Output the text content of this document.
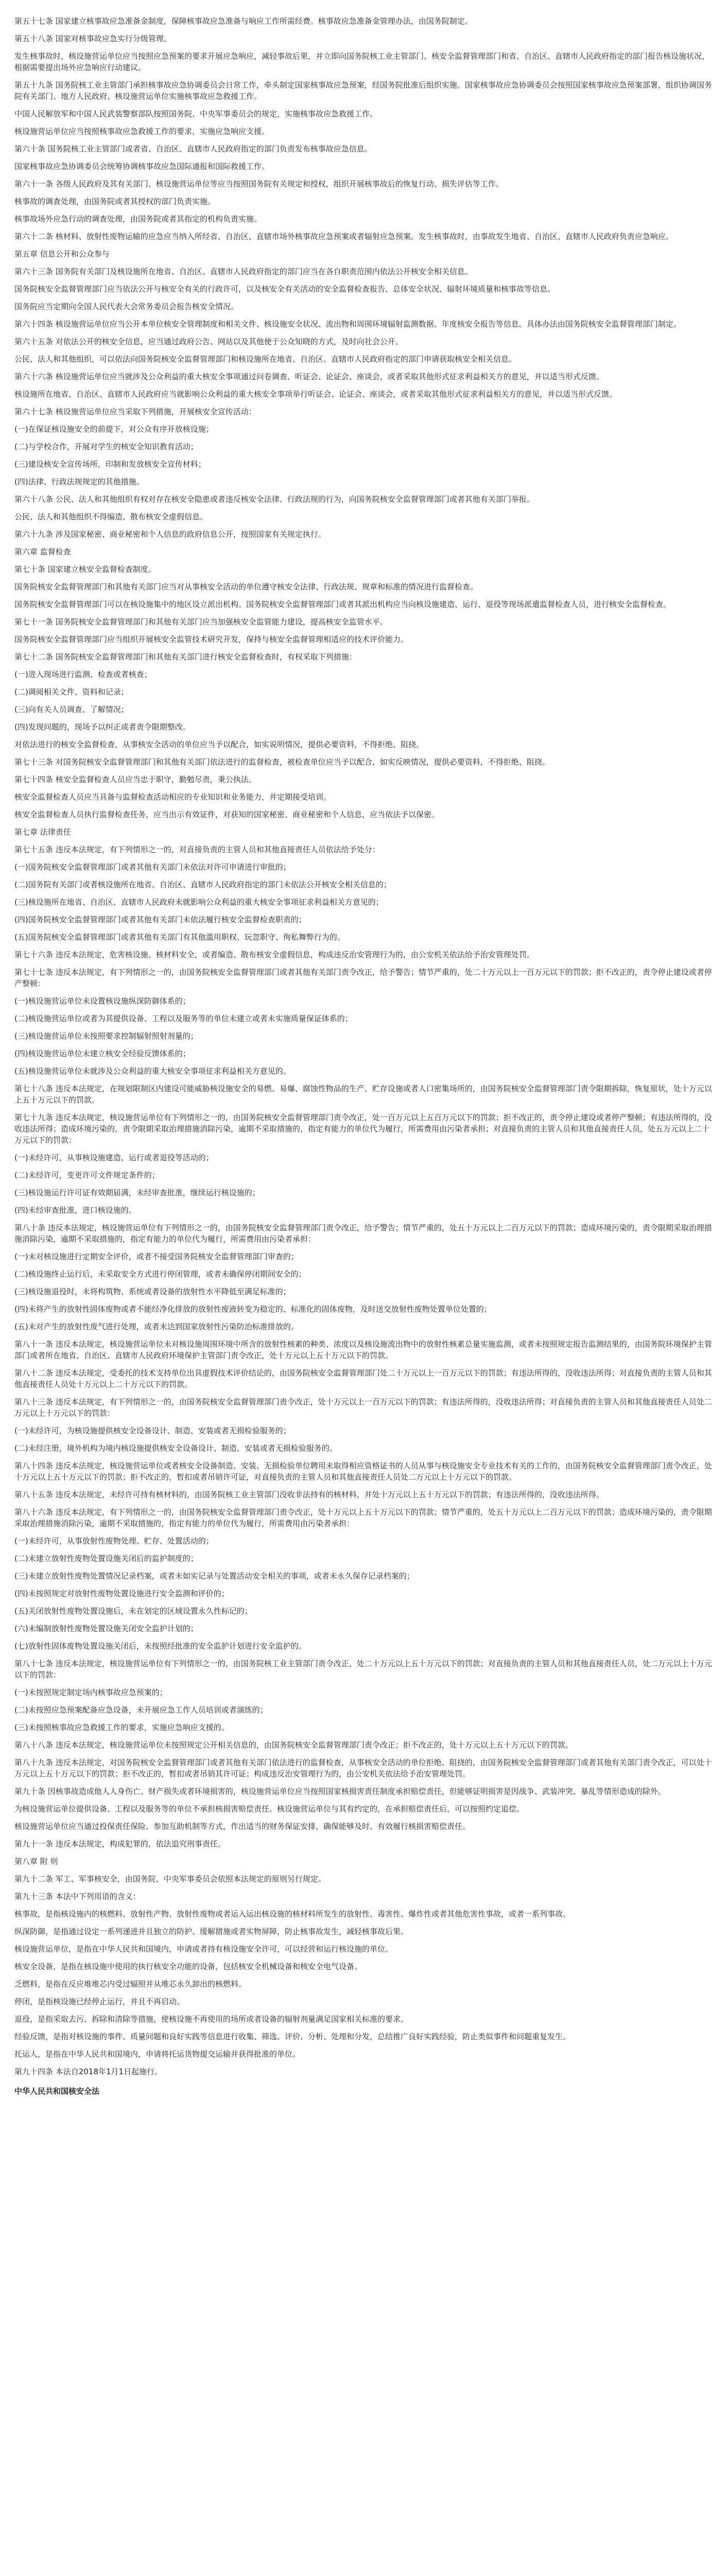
第五十七条 国家建立核事故应急准备金制度，保障核事故应急准备与响应工作所需经费。核事故应急准备金管理办法，由国务院制定。

第五十八条 国家对核事故应急实行分级管理。

发生核事故时，核设施营运单位应当按照应急预案的要求开展应急响应，减轻事故后果，并立即向国务院核工业主管部门、核安全监督管理部门和省、自治区、直辖市人民政府指定的部门报告核设施状况，根据需要提出场外应急响应行动建议。

第五十九条 国务院核工业主管部门承担核事故应急协调委员会日常工作，牵头制定国家核事故应急预案，经国务院批准后组织实施。国家核事故应急协调委员会按照国家核事故应急预案部署，组织协调国务院有关部门、地方人民政府、核设施营运单位实施核事故应急救援工作。

中国人民解放军和中国人民武装警察部队按照国务院、中央军事委员会的规定，实施核事故应急救援工作。

核设施营运单位应当按照核事故应急救援工作的要求，实施应急响应支援。

第六十条 国务院核工业主管部门或者省、自治区、直辖市人民政府指定的部门负责发布核事故应急信息。

国家核事故应急协调委员会统筹协调核事故应急国际通报和国际救援工作。

第六十一条 各级人民政府及其有关部门、核设施营运单位等应当按照国务院有关规定和授权，组织开展核事故后的恢复行动、损失评估等工作。

核事故的调查处理，由国务院或者其授权的部门负责实施。

核事故场外应急行动的调查处理，由国务院或者其指定的机构负责实施。

第六十二条 核材料、放射性废物运输的应急应当纳入所经省、自治区、直辖市场外核事故应急预案或者辐射应急预案。发生核事故时，由事故发生地省、自治区、直辖市人民政府负责应急响应。

第五章 信息公开和公众参与

第六十三条 国务院有关部门及核设施所在地省、自治区、直辖市人民政府指定的部门应当在各自职责范围内依法公开核安全相关信息。

国务院核安全监督管理部门应当依法公开与核安全有关的行政许可，以及核安全有关活动的安全监督检查报告、总体安全状况、辐射环境质量和核事故等信息。

国务院应当定期向全国人民代表大会常务委员会报告核安全情况。

第六十四条 核设施营运单位应当公开本单位核安全管理制度和相关文件、核设施安全状况、流出物和周围环境辐射监测数据、年度核安全报告等信息。具体办法由国务院核安全监督管理部门制定。

第六十五条 对依法公开的核安全信息，应当通过政府公告、网站以及其他便于公众知晓的方式，及时向社会公开。

公民、法人和其他组织，可以依法向国务院核安全监督管理部门和核设施所在地省、自治区、直辖市人民政府指定的部门申请获取核安全相关信息。

第六十六条 核设施营运单位应当就涉及公众利益的重大核安全事项通过问卷调查、听证会、论证会、座谈会，或者采取其他形式征求利益相关方的意见，并以适当形式反馈。

核设施所在地省、自治区、直辖市人民政府应当就影响公众利益的重大核安全事项举行听证会、论证会、座谈会，或者采取其他形式征求利益相关方的意见，并以适当形式反馈。

第六十七条 核设施营运单位应当采取下列措施，开展核安全宣传活动：

(一)在保证核设施安全的前提下，对公众有序开放核设施；

(二)与学校合作，开展对学生的核安全知识教育活动；

(三)建设核安全宣传场所，印制和发放核安全宣传材料；

(四)法律、行政法规规定的其他措施。

第六十八条 公民、法人和其他组织有权对存在核安全隐患或者违反核安全法律、行政法规的行为，向国务院核安全监督管理部门或者其他有关部门举报。

公民、法人和其他组织不得编造、散布核安全虚假信息。

第六十九条 涉及国家秘密、商业秘密和个人信息的政府信息公开，按照国家有关规定执行。

第六章 监督检查

第七十条 国家建立核安全监督检查制度。

国务院核安全监督管理部门和其他有关部门应当对从事核安全活动的单位遵守核安全法律、行政法规、规章和标准的情况进行监督检查。

国务院核安全监督管理部门可以在核设施集中的地区设立派出机构。国务院核安全监督管理部门或者其派出机构应当向核设施建造、运行、退役等现场派遣监督检查人员，进行核安全监督检查。

第七十一条 国务院核安全监督管理部门和其他有关部门应当加强核安全监管能力建设，提高核安全监管水平。

国务院核安全监督管理部门应当组织开展核安全监管技术研究开发，保持与核安全监督管理相适应的技术评价能力。

第七十二条 国务院核安全监督管理部门和其他有关部门进行核安全监督检查时，有权采取下列措施：

(一)进入现场进行监测、检查或者核查；

(二)调阅相关文件、资料和记录；

(三)向有关人员调查、了解情况；

(四)发现问题的，现场予以纠正或者责令限期整改。

对依法进行的核安全监督检查，从事核安全活动的单位应当予以配合，如实说明情况，提供必要资料，不得拒绝、阻挠。

第七十三条 对国务院核安全监督管理部门和其他有关部门依法进行的监督检查，被检查单位应当予以配合，如实反映情况，提供必要资料，不得拒绝、阻挠。

第七十四条 核安全监督检查人员应当忠于职守，勤勉尽责，秉公执法。

核安全监督检查人员应当具备与监督检查活动相应的专业知识和业务能力，并定期接受培训。

核安全监督检查人员执行监督检查任务，应当出示有效证件，对获知的国家秘密、商业秘密和个人信息，应当依法予以保密。

第七章 法律责任

第七十五条 违反本法规定，有下列情形之一的，对直接负责的主管人员和其他直接责任人员依法给予处分：

(一)国务院核安全监督管理部门或者其他有关部门未依法对许可申请进行审批的；

(二)国务院有关部门或者核设施所在地省、自治区、直辖市人民政府指定的部门未依法公开核安全相关信息的；

(三)核设施所在地省、自治区、直辖市人民政府未就影响公众利益的重大核安全事项征求利益相关方意见的；

(四)国务院核安全监督管理部门或者其他有关部门未依法履行核安全监督检查职责的；

(五)国务院核安全监督管理部门或者其他有关部门有其他滥用职权、玩忽职守、徇私舞弊行为的。

第七十六条 违反本法规定，危害核设施、核材料安全，或者编造、散布核安全虚假信息，构成违反治安管理行为的，由公安机关依法给予治安管理处罚。

第七十七条 违反本法规定，有下列情形之一的，由国务院核安全监督管理部门或者其他有关部门责令改正，给予警告；情节严重的，处二十万元以上一百万元以下的罚款；拒不改正的，责令停止建设或者停产整顿：

(一)核设施营运单位未设置核设施纵深防御体系的；

(二)核设施营运单位或者为其提供设备、工程以及服务等的单位未建立或者未实施质量保证体系的；

(三)核设施营运单位未按照要求控制辐射照射剂量的；

(四)核设施营运单位未建立核安全经验反馈体系的；

(五)核设施营运单位未就涉及公众利益的重大核安全事项征求利益相关方意见的。

第七十八条 违反本法规定，在规划限制区内建设可能威胁核设施安全的易燃、易爆、腐蚀性物品的生产、贮存设施或者人口密集场所的，由国务院核安全监督管理部门责令限期拆除，恢复原状，处十万元以上五十万元以下的罚款。

第七十九条 违反本法规定，核设施营运单位有下列情形之一的，由国务院核安全监督管理部门责令改正，处一百万元以上五百万元以下的罚款；拒不改正的，责令停止建设或者停产整顿；有违法所得的，没收违法所得；造成环境污染的，责令限期采取治理措施消除污染，逾期不采取措施的，指定有能力的单位代为履行，所需费用由污染者承担；对直接负责的主管人员和其他直接责任人员，处五万元以上二十万元以下的罚款：

(一)未经许可，从事核设施建造、运行或者退役等活动的；

(二)未经许可，变更许可文件规定条件的；

(三)核设施运行许可证有效期届满，未经审查批准，继续运行核设施的；

(四)未经审查批准，进口核设施的。

第八十条 违反本法规定，核设施营运单位有下列情形之一的，由国务院核安全监督管理部门责令改正，给予警告；情节严重的，处五十万元以上二百万元以下的罚款；造成环境污染的，责令限期采取治理措施消除污染，逾期不采取措施的，指定有能力的单位代为履行，所需费用由污染者承担：

(一)未对核设施进行定期安全评价，或者不接受国务院核安全监督管理部门审查的；

(二)核设施终止运行后，未采取安全方式进行停闭管理，或者未确保停闭期间安全的；

(三)核设施退役时，未将构筑物、系统或者设备的放射性水平降低至满足标准的；

(四)未将产生的放射性固体废物或者不能经净化排放的放射性废液转变为稳定的、标准化的固体废物，及时送交放射性废物处置单位处置的；

(五)未对产生的放射性废气进行处理，或者未达到国家放射性污染防治标准排放的。

第八十一条 违反本法规定，核设施营运单位未对核设施周围环境中所含的放射性核素的种类、浓度以及核设施流出物中的放射性核素总量实施监测，或者未按照规定报告监测结果的，由国务院环境保护主管部门或者所在地省、自治区、直辖市人民政府环境保护主管部门责令改正，处十万元以上五十万元以下的罚款。

第八十二条 违反本法规定，受委托的技术支持单位出具虚假技术评价结论的，由国务院核安全监督管理部门处二十万元以上一百万元以下的罚款；有违法所得的，没收违法所得；对直接负责的主管人员和其他直接责任人员处十万元以上二十万元以下的罚款。

第八十三条 违反本法规定，有下列情形之一的，由国务院核安全监督管理部门责令改正，处十万元以上一百万元以下的罚款；有违法所得的，没收违法所得；对直接负责的主管人员和其他直接责任人员处二万元以上十万元以下的罚款：

(一)未经许可，为核设施提供核安全设备设计、制造、安装或者无损检验服务的；

(二)未经注册，境外机构为境内核设施提供核安全设备设计、制造、安装或者无损检验服务的。

第八十四条 违反本法规定，核设施营运单位或者核安全设备制造、安装、无损检验单位聘用未取得相应资格证书的人员从事与核设施安全专业技术有关的工作的，由国务院核安全监督管理部门责令改正，处十万元以上五十万元以下的罚款；拒不改正的，暂扣或者吊销许可证，对直接负责的主管人员和其他直接责任人员处二万元以上十万元以下的罚款。

第八十五条 违反本法规定，未经许可持有核材料的，由国务院核工业主管部门没收非法持有的核材料，并处十万元以上五十万元以下的罚款；有违法所得的，没收违法所得。

第八十六条 违反本法规定，有下列情形之一的，由国务院核安全监督管理部门责令改正，处十万元以上五十万元以下的罚款；情节严重的，处五十万元以上二百万元以下的罚款；造成环境污染的，责令限期采取治理措施消除污染，逾期不采取措施的，指定有能力的单位代为履行，所需费用由污染者承担：

(一)未经许可，从事放射性废物处理、贮存、处置活动的；

(二)未建立放射性废物处置设施关闭后的监护制度的；

(三)未建立放射性废物处置情况记录档案，或者未如实记录与处置活动安全相关的事项，或者未永久保存记录档案的；

(四)未按照规定对放射性废物处置设施进行安全监测和评价的；

(五)关闭放射性废物处置设施后，未在划定的区域设置永久性标记的；

(六)未编制放射性废物处置设施关闭安全监护计划的；

(七)放射性固体废物处置设施关闭后，未按照经批准的安全监护计划进行安全监护的。

第八十七条 违反本法规定，核设施营运单位有下列情形之一的，由国务院核工业主管部门责令改正，处二十万元以上五十万元以下的罚款；对直接负责的主管人员和其他直接责任人员，处二万元以上十万元以下的罚款：

(一)未按照规定制定场内核事故应急预案的；

(二)未按照应急预案配备应急设备，未开展应急工作人员培训或者演练的；

(三)未按照核事故应急救援工作的要求，实施应急响应支援的。

第八十八条 违反本法规定，核设施营运单位未按照规定公开相关信息的，由国务院核安全监督管理部门责令改正；拒不改正的，处十万元以上五十万元以下的罚款。

第八十九条 违反本法规定，对国务院核安全监督管理部门或者其他有关部门依法进行的监督检查，从事核安全活动的单位拒绝、阻挠的，由国务院核安全监督管理部门或者其他有关部门责令改正，可以处十万元以上五十万元以下的罚款；拒不改正的，暂扣或者吊销其许可证；构成违反治安管理行为的，由公安机关依法给予治安管理处罚。

第九十条 因核事故造成他人人身伤亡、财产损失或者环境损害的，核设施营运单位应当按照国家核损害责任制度承担赔偿责任，但能够证明损害是因战争、武装冲突、暴乱等情形造成的除外。

为核设施营运单位提供设备、工程以及服务等的单位不承担核损害赔偿责任。核设施营运单位与其有约定的，在承担赔偿责任后，可以按照约定追偿。

核设施营运单位应当通过投保责任保险、参加互助机制等方式，作出适当的财务保证安排，确保能够及时、有效履行核损害赔偿责任。

第九十一条 违反本法规定，构成犯罪的，依法追究刑事责任。

第八章 附 则

第九十二条 军工、军事核安全，由国务院、中央军事委员会依照本法规定的原则另行规定。

第九十三条 本法中下列用语的含义：

核事故，是指核设施内的核燃料、放射性产物、放射性废物或者运入运出核设施的核材料所发生的放射性、毒害性、爆炸性或者其他危害性事故，或者一系列事故。

纵深防御，是指通过设定一系列递进并且独立的防护、缓解措施或者实物屏障，防止核事故发生，减轻核事故后果。

核设施营运单位，是指在中华人民共和国境内，申请或者持有核设施安全许可，可以经营和运行核设施的单位。

核安全设备，是指在核设施中使用的执行核安全功能的设备，包括核安全机械设备和核安全电气设备。

乏燃料，是指在反应堆堆芯内受过辐照并从堆芯永久卸出的核燃料。

停闭，是指核设施已经停止运行，并且不再启动。

退役，是指采取去污、拆除和清除等措施，使核设施不再使用的场所或者设备的辐射剂量满足国家相关标准的要求。

经验反馈，是指对核设施的事件、质量问题和良好实践等信息进行收集、筛选、评价、分析、处理和分发，总结推广良好实践经验，防止类似事件和问题重复发生。

托运人，是指在中华人民共和国境内，申请将托运货物提交运输并获得批准的单位。

第九十四条 本法自2018年1月1日起施行。

中华人民共和国核安全法
